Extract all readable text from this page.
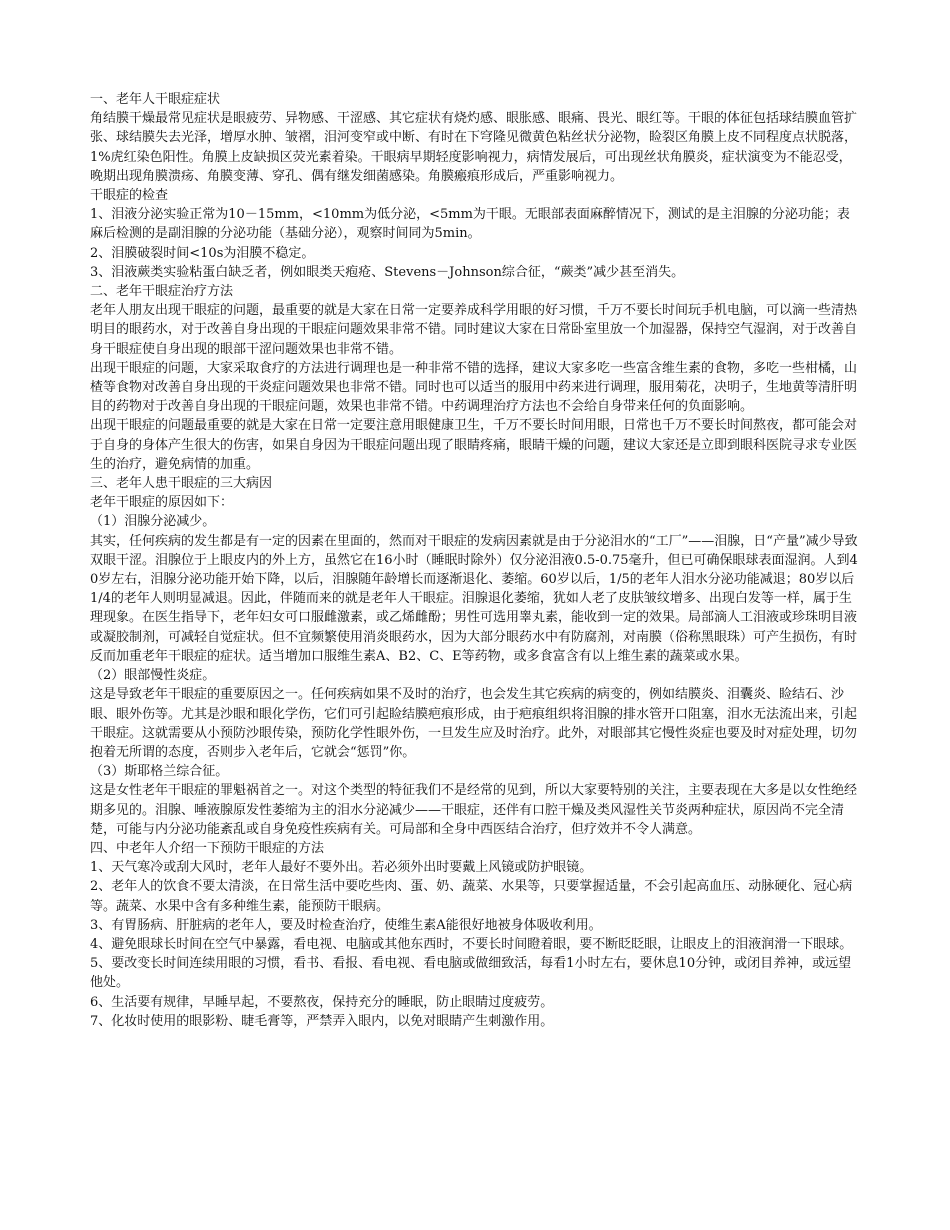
一、老年人干眼症症状

角结膜干燥最常见症状是眼疲劳、异物感、干涩感、其它症状有烧灼感、眼胀感、眼痛、畏光、眼红等。干眼的体征包括球结膜血管扩张、球结膜失去光泽，增厚水肿、皱褶，泪河变窄或中断、有时在下穹隆见微黄色粘丝状分泌物，睑裂区角膜上皮不同程度点状脱落，1%虎红染色阳性。角膜上皮缺损区荧光素着染。干眼病早期轻度影响视力，病情发展后，可出现丝状角膜炎，症状演变为不能忍受，晚期出现角膜溃疡、角膜变薄、穿孔、偶有继发细菌感染。角膜瘢痕形成后，严重影响视力。

干眼症的检查

1、泪液分泌实验正常为10－15mm，<10mm为低分泌，<5mm为干眼。无眼部表面麻醉情况下，测试的是主泪腺的分泌功能；表麻后检测的是副泪腺的分泌功能（基础分泌），观察时间同为5min。

2、泪膜破裂时间<10s为泪膜不稳定。

3、泪液蕨类实验粘蛋白缺乏者，例如眼类天疱疮、Stevens－Johnson综合征，“蕨类”减少甚至消失。

二、老年干眼症治疗方法

老年人朋友出现干眼症的问题，最重要的就是大家在日常一定要养成科学用眼的好习惯，千万不要长时间玩手机电脑，可以滴一些清热明目的眼药水，对于改善自身出现的干眼症问题效果非常不错。同时建议大家在日常卧室里放一个加湿器，保持空气湿润，对于改善自身干眼症使自身出现的眼部干涩问题效果也非常不错。

出现干眼症的问题，大家采取食疗的方法进行调理也是一种非常不错的选择，建议大家多吃一些富含维生素的食物，多吃一些柑橘，山楂等食物对改善自身出现的干炎症问题效果也非常不错。同时也可以适当的服用中药来进行调理，服用菊花，决明子，生地黄等清肝明目的药物对于改善自身出现的干眼症问题，效果也非常不错。中药调理治疗方法也不会给自身带来任何的负面影响。

出现干眼症的问题最重要的就是大家在日常一定要注意用眼健康卫生，千万不要长时间用眼，日常也千万不要长时间熬夜，都可能会对于自身的身体产生很大的伤害，如果自身因为干眼症问题出现了眼睛疼痛，眼睛干燥的问题，建议大家还是立即到眼科医院寻求专业医生的治疗，避免病情的加重。

三、老年人患干眼症的三大病因

老年干眼症的原因如下：

（1）泪腺分泌减少。

其实，任何疾病的发生都是有一定的因素在里面的，然而对干眼症的发病因素就是由于分泌泪水的“工厂”——泪腺，日“产量”减少导致双眼干涩。泪腺位于上眼皮内的外上方，虽然它在16小时（睡眠时除外）仅分泌泪液0.5-0.75毫升，但已可确保眼球表面湿润。人到40岁左右，泪腺分泌功能开始下降，以后，泪腺随年龄增长而逐渐退化、萎缩。60岁以后，1/5的老年人泪水分泌功能减退；80岁以后1/4的老年人则明显减退。因此，伴随而来的就是老年人干眼症。泪腺退化萎缩，犹如人老了皮肤皱纹增多、出现白发等一样，属于生理现象。在医生指导下，老年妇女可口服雌激素，或乙烯雌酚；男性可选用睾丸素，能收到一定的效果。局部滴人工泪液或珍珠明目液或凝胶制剂，可减轻自觉症状。但不宜频繁使用消炎眼药水，因为大部分眼药水中有防腐剂，对南膜（俗称黑眼珠）可产生损伤，有时反而加重老年干眼症的症状。适当增加口服维生素A、B2、C、E等药物，或多食富含有以上维生素的蔬菜或水果。

（2）眼部慢性炎症。

这是导致老年干眼症的重要原因之一。任何疾病如果不及时的治疗，也会发生其它疾病的病变的，例如结膜炎、泪囊炎、睑结石、沙眼、眼外伤等。尤其是沙眼和眼化学伤，它们可引起睑结膜疤痕形成，由于疤痕组织将泪腺的排水管开口阻塞，泪水无法流出来，引起干眼症。这就需要从小预防沙眼传染，预防化学性眼外伤，一旦发生应及时治疗。此外，对眼部其它慢性炎症也要及时对症处理，切勿抱着无所谓的态度，否则步入老年后，它就会“惩罚”你。

（3）斯耶格兰综合征。

这是女性老年干眼症的罪魁祸首之一。对这个类型的特征我们不是经常的见到，所以大家要特别的关注，主要表现在大多是以女性绝经期多见的。泪腺、唾液腺原发性萎缩为主的泪水分泌减少——干眼症，还伴有口腔干燥及类风湿性关节炎两种症状，原因尚不完全清楚，可能与内分泌功能紊乱或自身免疫性疾病有关。可局部和全身中西医结合治疗，但疗效并不令人满意。

四、中老年人介绍一下预防干眼症的方法

1、天气寒冷或刮大风时，老年人最好不要外出。若必须外出时要戴上风镜或防护眼镜。

2、老年人的饮食不要太清淡，在日常生活中要吃些肉、蛋、奶、蔬菜、水果等，只要掌握适量，不会引起高血压、动脉硬化、冠心病等。蔬菜、水果中含有多种维生素，能预防干眼病。

3、有胃肠病、肝脏病的老年人，要及时检查治疗，使维生素A能很好地被身体吸收利用。

4、避免眼球长时间在空气中暴露，看电视、电脑或其他东西时，不要长时间瞪着眼，要不断眨眨眼，让眼皮上的泪液润滑一下眼球。

5、要改变长时间连续用眼的习惯，看书、看报、看电视、看电脑或做细致活，每看1小时左右，要休息10分钟，或闭目养神，或远望他处。

6、生活要有规律，早睡早起，不要熬夜，保持充分的睡眠，防止眼睛过度疲劳。

7、化妆时使用的眼影粉、睫毛膏等，严禁弄入眼内，以免对眼睛产生刺激作用。
